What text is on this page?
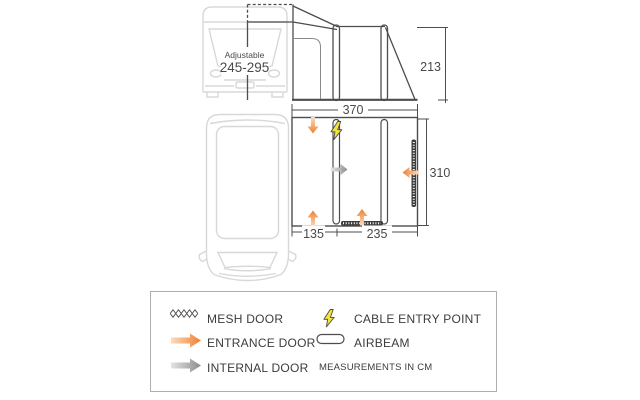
Adjustable
245-295	213
370
310
135	235
MESH DOOR
ENTRANCE DOOR
INTERNAL DOOR
CABLE ENTRY POINT
AIRBEAM
MEASUREMENTS IN CM
